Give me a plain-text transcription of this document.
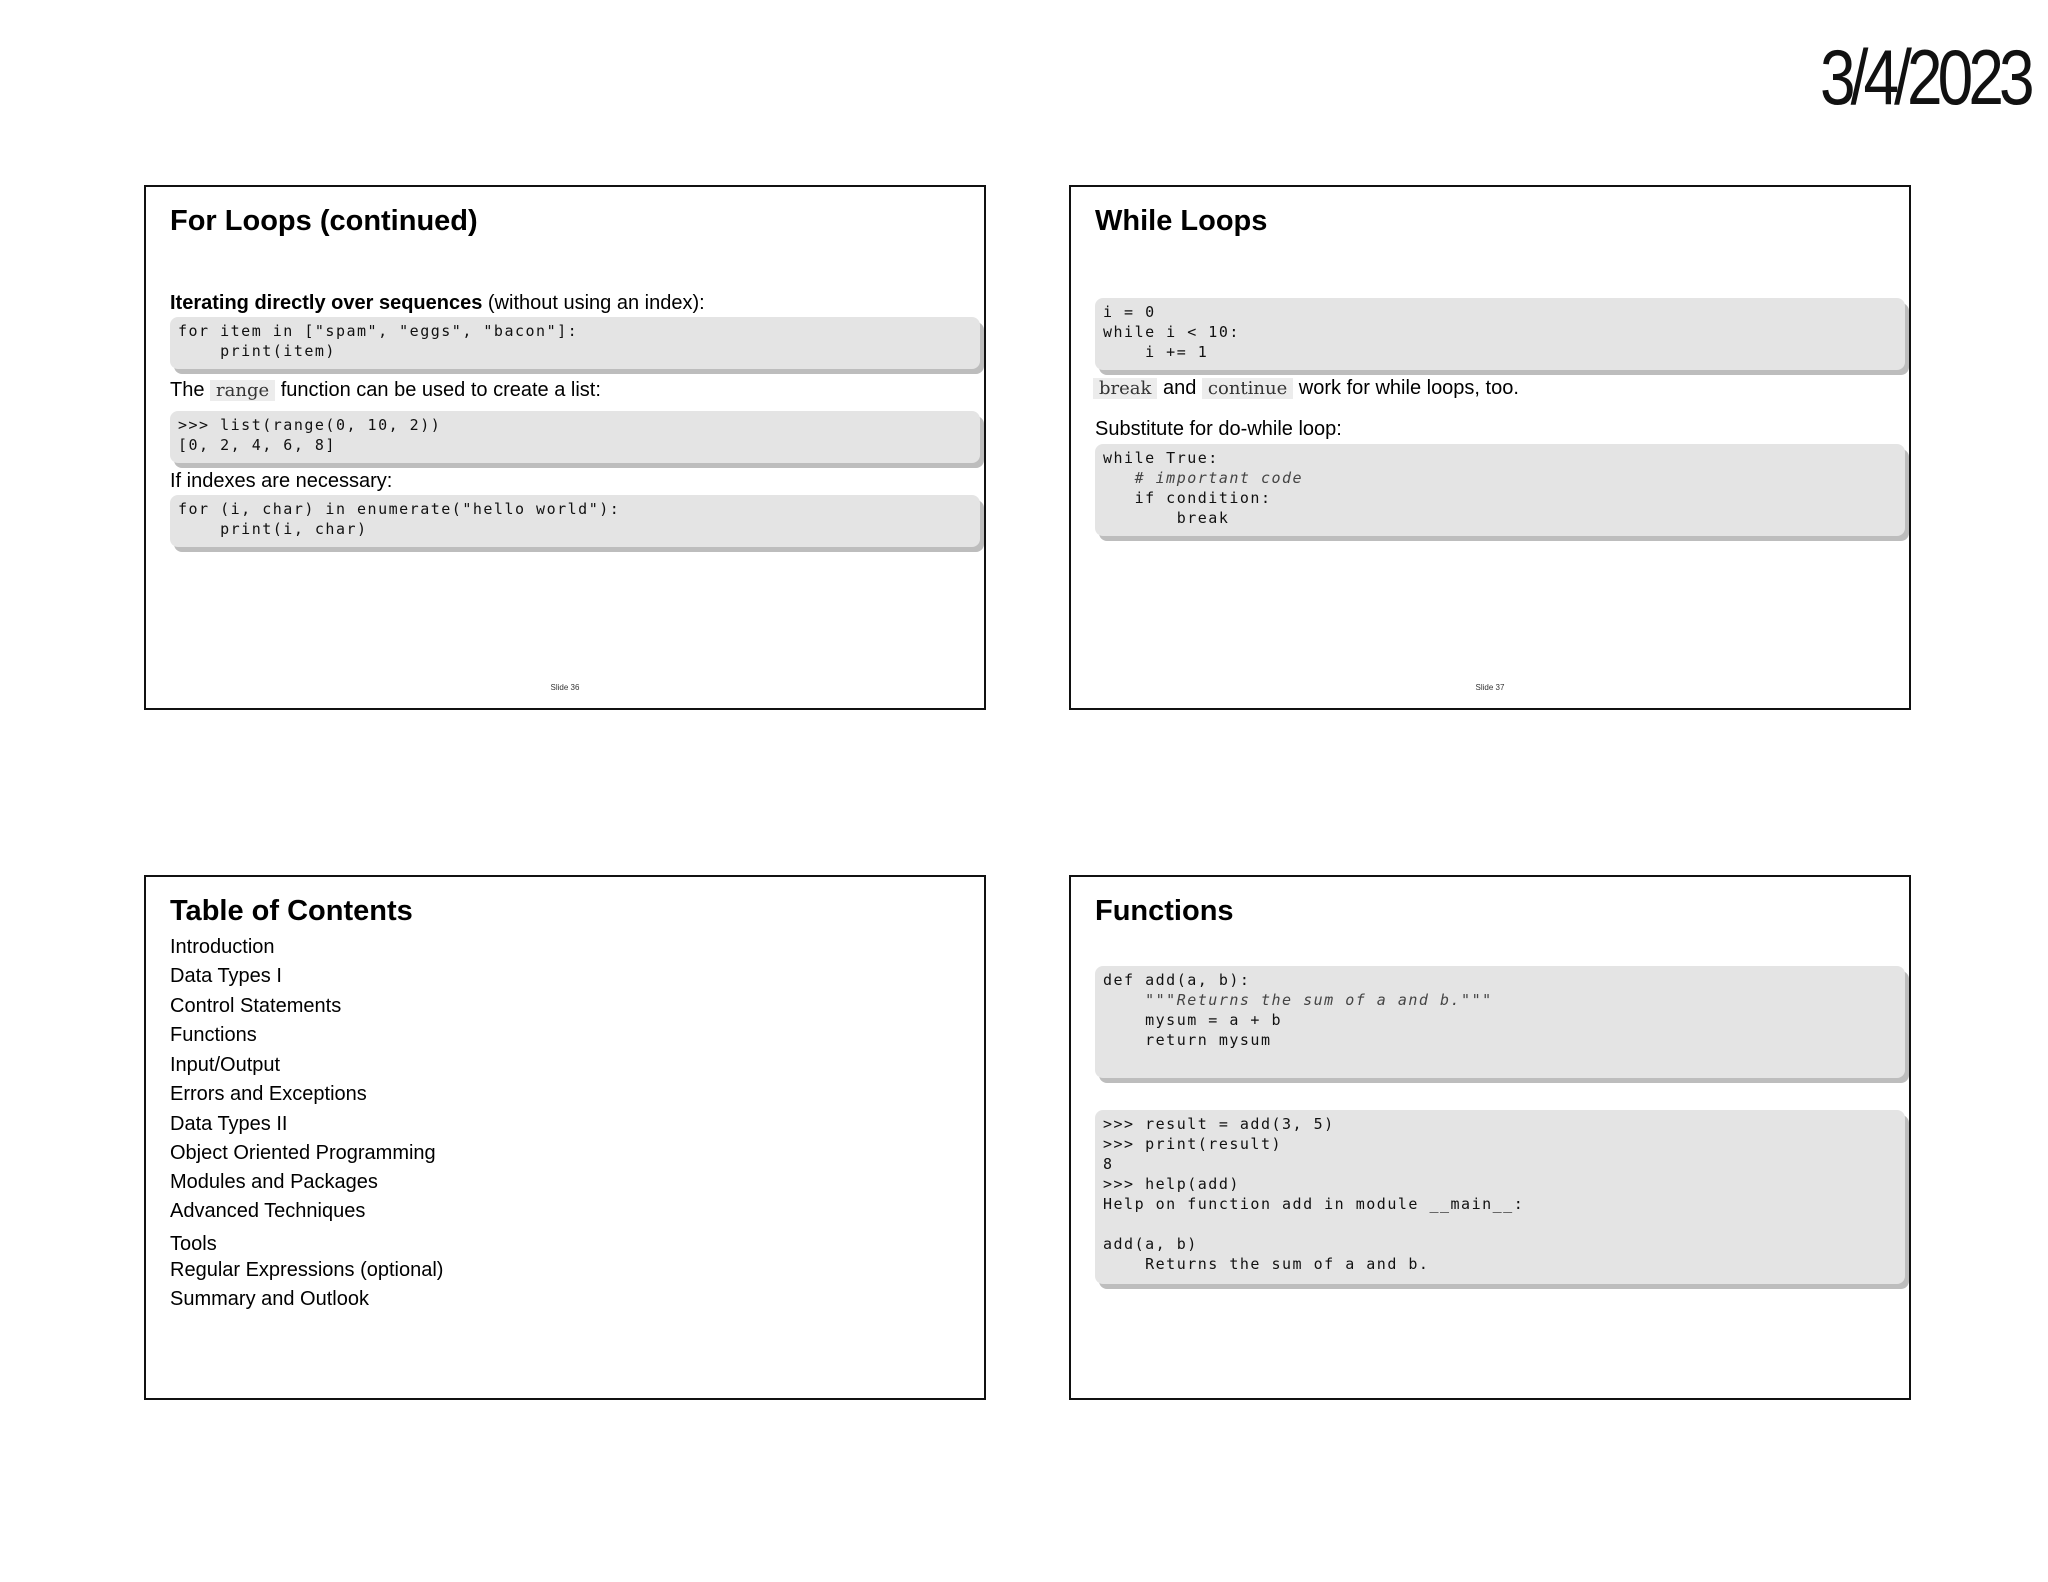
3/4/2023
For Loops (continued)
Iterating directly over sequences (without using an index):
for item in ["spam", "eggs", "bacon"]:
print(item)
The range function can be used to create a list:
>>> list(range(0, 10, 2))
[0, 2, 4, 6, 8]
If indexes are necessary:
for (i, char) in enumerate("hello world"):
print(i, char)
Slide 36
While Loops
i = 0
while i < 10:
i += 1
break and continue work for while loops, too.
Substitute for do-while loop:
while True:
# important code
if condition:
break
Slide 37
Table of Contents
Introduction
Data Types I
Control Statements
Functions
Input/Output
Errors and Exceptions
Data Types II
Object Oriented Programming
Modules and Packages
Advanced Techniques
Tools
Regular Expressions (optional)
Summary and Outlook
Functions
def add(a, b):
"""Returns the sum of a and b."""
mysum = a + b
return mysum
>>> result = add(3, 5)
>>> print(result)
8
>>> help(add)
Help on function add in module __main__:

add(a, b)
Returns the sum of a and b.
